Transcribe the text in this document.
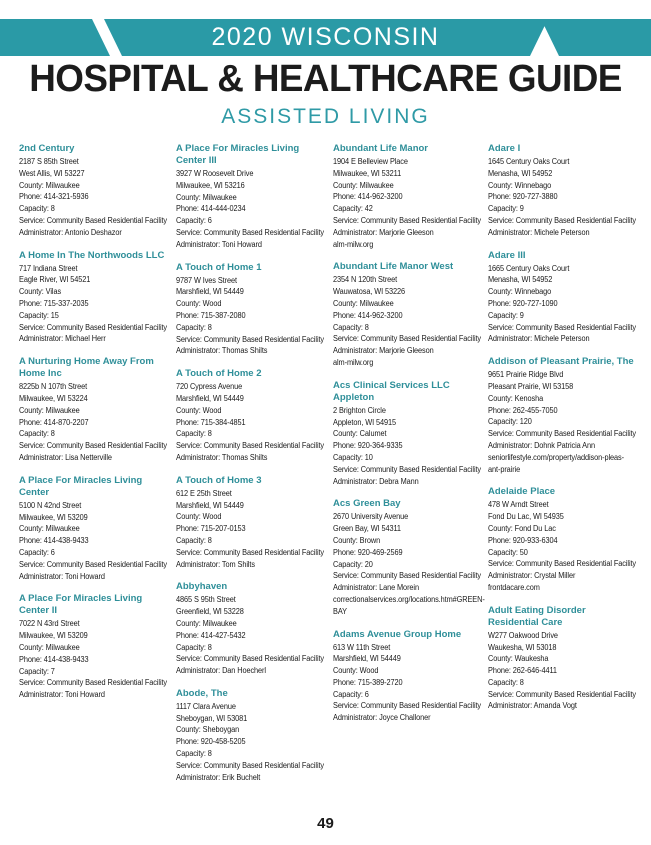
2020 WISCONSIN
HOSPITAL & HEALTHCARE GUIDE
ASSISTED LIVING
2nd Century
2187 S 85th Street
West Allis, WI 53227
County: Milwaukee
Phone: 414-321-5936
Capacity: 8
Service: Community Based Residential Facility
Administrator: Antonio Deshazor
A Home In The Northwoods LLC
717 Indiana Street
Eagle River, WI 54521
County: Vilas
Phone: 715-337-2035
Capacity: 15
Service: Community Based Residential Facility
Administrator: Michael Herr
A Nurturing Home Away From Home Inc
8225b N 107th Street
Milwaukee, WI 53224
County: Milwaukee
Phone: 414-870-2207
Capacity: 8
Service: Community Based Residential Facility
Administrator: Lisa Netterville
A Place For Miracles Living Center
5100 N 42nd Street
Milwaukee, WI 53209
County: Milwaukee
Phone: 414-438-9433
Capacity: 6
Service: Community Based Residential Facility
Administrator: Toni Howard
A Place For Miracles Living Center II
7022 N 43rd Street
Milwaukee, WI 53209
County: Milwaukee
Phone: 414-438-9433
Capacity: 7
Service: Community Based Residential Facility
Administrator: Toni Howard
A Place For Miracles Living Center III
3927 W Roosevelt Drive
Milwaukee, WI 53216
County: Milwaukee
Phone: 414-444-0234
Capacity: 6
Service: Community Based Residential Facility
Administrator: Toni Howard
A Touch of Home 1
9787 W Ives Street
Marshfield, WI 54449
County: Wood
Phone: 715-387-2080
Capacity: 8
Service: Community Based Residential Facility
Administrator: Thomas Shilts
A Touch of Home 2
720 Cypress Avenue
Marshfield, WI 54449
County: Wood
Phone: 715-384-4851
Capacity: 8
Service: Community Based Residential Facility
Administrator: Thomas Shilts
A Touch of Home 3
612 E 25th Street
Marshfield, WI 54449
County: Wood
Phone: 715-207-0153
Capacity: 8
Service: Community Based Residential Facility
Administrator: Tom Shilts
Abbyhaven
4865 S 95th Street
Greenfield, WI 53228
County: Milwaukee
Phone: 414-427-5432
Capacity: 8
Service: Community Based Residential Facility
Administrator: Dan Hoecherl
Abode, The
1117 Clara Avenue
Sheboygan, WI 53081
County: Sheboygan
Phone: 920-458-5205
Capacity: 8
Service: Community Based Residential Facility
Administrator: Erik Buchelt
Abundant Life Manor
1904 E Belleview Place
Milwaukee, WI 53211
County: Milwaukee
Phone: 414-962-3200
Capacity: 42
Service: Community Based Residential Facility
Administrator: Marjorie Gleeson
alm-milw.org
Abundant Life Manor West
2354 N 120th Street
Wauwatosa, WI 53226
County: Milwaukee
Phone: 414-962-3200
Capacity: 8
Service: Community Based Residential Facility
Administrator: Marjorie Gleeson
alm-milw.org
Acs Clinical Services LLC Appleton
2 Brighton Circle
Appleton, WI 54915
County: Calumet
Phone: 920-364-9335
Capacity: 10
Service: Community Based Residential Facility
Administrator: Debra Mann
Acs Green Bay
2670 University Avenue
Green Bay, WI 54311
County: Brown
Phone: 920-469-2569
Capacity: 20
Service: Community Based Residential Facility
Administrator: Lane Morein
correctionalservices.org/locations.htm#GREEN-
BAY
Adams Avenue Group Home
613 W 11th Street
Marshfield, WI 54449
County: Wood
Phone: 715-389-2720
Capacity: 6
Service: Community Based Residential Facility
Administrator: Joyce Challoner
Adare I
1645 Century Oaks Court
Menasha, WI 54952
County: Winnebago
Phone: 920-727-3880
Capacity: 9
Service: Community Based Residential Facility
Administrator: Michele Peterson
Adare III
1665 Century Oaks Court
Menasha, WI 54952
County: Winnebago
Phone: 920-727-1090
Capacity: 9
Service: Community Based Residential Facility
Administrator: Michele Peterson
Addison of Pleasant Prairie, The
9651 Prairie Ridge Blvd
Pleasant Prairie, WI 53158
County: Kenosha
Phone: 262-455-7050
Capacity: 120
Service: Community Based Residential Facility
Administrator: Dohnk Patricia Ann
seniorlifestyle.com/property/addison-pleas-
ant-prairie
Adelaide Place
478 W Arndt Street
Fond Du Lac, WI 54935
County: Fond Du Lac
Phone: 920-933-6304
Capacity: 50
Service: Community Based Residential Facility
Administrator: Crystal Miller
frontdacare.com
Adult Eating Disorder Residential Care
W277 Oakwood Drive
Waukesha, WI 53018
County: Waukesha
Phone: 262-646-4411
Capacity: 8
Service: Community Based Residential Facility
Administrator: Amanda Vogt
49
